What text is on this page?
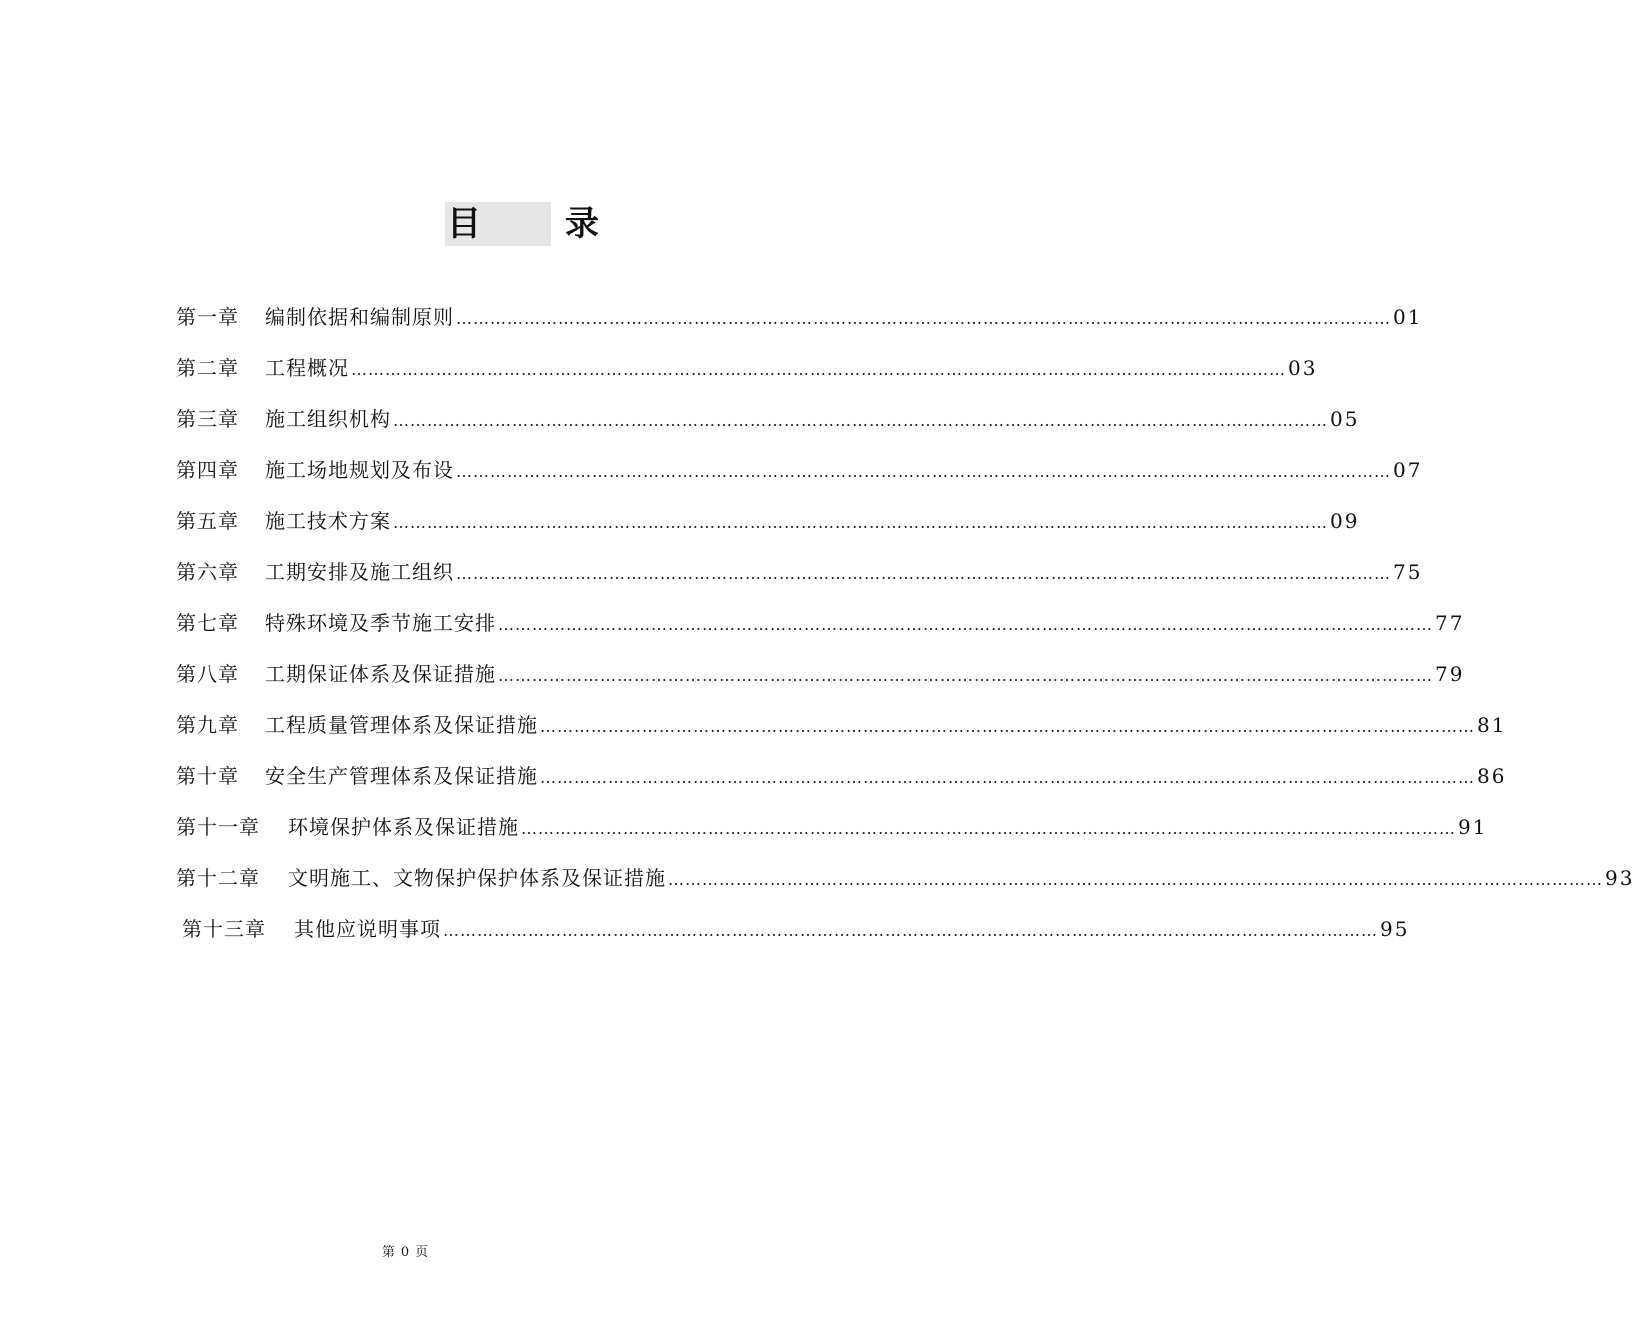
目 录
第一章 编制依据和编制原则 …………………………………………………………………………………………………………………………………………………	01
第二章 工程概况 …………………………………………………………………………………………………………………………………………………	03
第三章 施工组织机构 …………………………………………………………………………………………………………………………………………………	05
第四章 施工场地规划及布设 …………………………………………………………………………………………………………………………………………………	07
第五章 施工技术方案 …………………………………………………………………………………………………………………………………………………	09
第六章 工期安排及施工组织 …………………………………………………………………………………………………………………………………………………	75
第七章 特殊环境及季节施工安排 …………………………………………………………………………………………………………………………………………………	77
第八章 工期保证体系及保证措施 …………………………………………………………………………………………………………………………………………………	79
第九章 工程质量管理体系及保证措施 …………………………………………………………………………………………………………………………………………………	81
第十章 安全生产管理体系及保证措施 …………………………………………………………………………………………………………………………………………………	86
第十一章 环境保护体系及保证措施 …………………………………………………………………………………………………………………………………………………	91
第十二章 文明施工、文物保护保护体系及保证措施 …………………………………………………………………………………………………………………………………………………	93
第十三章 其他应说明事项 …………………………………………………………………………………………………………………………………………………	95
第 0 页
